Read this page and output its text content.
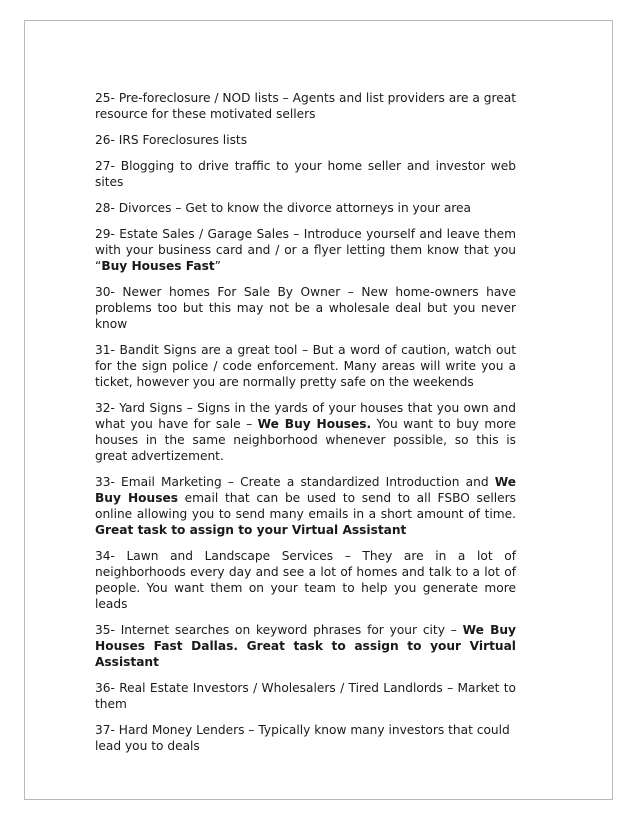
25- Pre-foreclosure / NOD lists – Agents and list providers are a great resource for these motivated sellers

26- IRS Foreclosures lists

27- Blogging to drive traffic to your home seller and investor web sites

28- Divorces – Get to know the divorce attorneys in your area

29- Estate Sales / Garage Sales – Introduce yourself and leave them with your business card and / or a flyer letting them know that you “Buy Houses Fast”

30- Newer homes For Sale By Owner – New home-owners have problems too but this may not be a wholesale deal but you never know

31- Bandit Signs are a great tool – But a word of caution, watch out for the sign police / code enforcement. Many areas will write you a ticket, however you are normally pretty safe on the weekends

32- Yard Signs – Signs in the yards of your houses that you own and what you have for sale – We Buy Houses. You want to buy more houses in the same neighborhood whenever possible, so this is great advertizement.

33- Email Marketing – Create a standardized Introduction and We Buy Houses email that can be used to send to all FSBO sellers online allowing you to send many emails in a short amount of time. Great task to assign to your Virtual Assistant

34- Lawn and Landscape Services – They are in a lot of neighborhoods every day and see a lot of homes and talk to a lot of people. You want them on your team to help you generate more leads

35- Internet searches on keyword phrases for your city – We Buy Houses Fast Dallas. Great task to assign to your Virtual Assistant

36- Real Estate Investors / Wholesalers / Tired Landlords – Market to them

37- Hard Money Lenders – Typically know many investors that could lead you to deals
